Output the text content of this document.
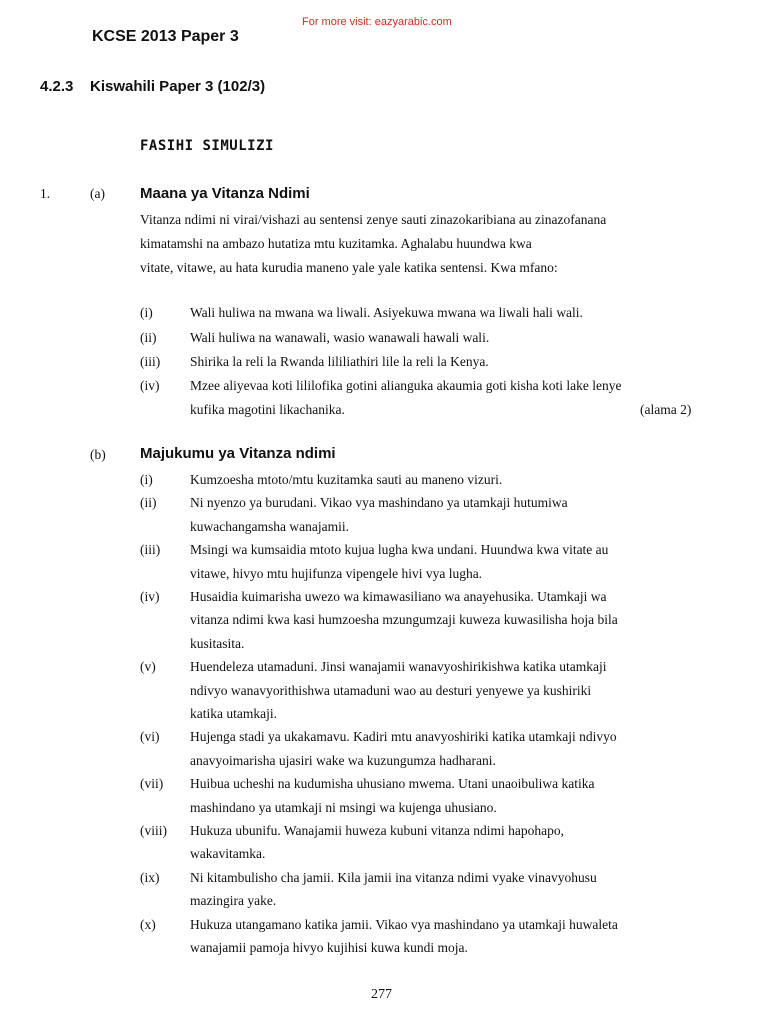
For more visit: eazyarabic.com
KCSE 2013 Paper 3
4.2.3 Kiswahili Paper 3 (102/3)
FASIHI SIMULIZI
1.	(a) Maana ya Vitanza Ndimi
Vitanza ndimi ni virai/vishazi au sentensi zenye sauti zinazokaribiana au zinazofanana
kimatamshi na ambazo hutatiza mtu kuzitamka. Aghalabu huundwa kwa
vitate, vitawe, au hata kurudia maneno yale yale katika sentensi. Kwa mfano:
(i)	Wali huliwa na mwana wa liwali. Asiyekuwa mwana wa liwali hali wali.
(ii) Wali huliwa na wanawali, wasio wanawali hawali wali.
(iii) Shirika la reli la Rwanda lililiathiri lile la reli la Kenya.
(iv) Mzee aliyevaa koti lililofika gotini alianguka akaumia goti kisha koti lake lenye
kufika magotini likachanika.	(alama 2)
(b) Majukumu ya Vitanza ndimi
(i)	Kumzoesha mtoto/mtu kuzitamka sauti au maneno vizuri.
(ii) Ni nyenzo ya burudani. Vikao vya mashindano ya utamkaji hutumiwa
kuwachangamsha wanajamii.
(iii) Msingi wa kumsaidia mtoto kujua lugha kwa undani. Huundwa kwa vitate au
vitawe, hivyo mtu hujifunza vipengele hivi vya lugha.
(iv) Husaidia kuimarisha uwezo wa kimawasiliano wa anayehusika. Utamkaji wa
vitanza ndimi kwa kasi humzoesha mzungumzaji kuweza kuwasilisha hoja bila
kusitasita.
(v)	Huendeleza utamaduni. Jinsi wanajamii wanavyoshirikishwa katika utamkaji
ndivyo wanavyorithishwa utamaduni wao au desturi yenyewe ya kushiriki
katika utamkaji.
(vi) Hujenga stadi ya ukakamavu. Kadiri mtu anavyoshiriki katika utamkaji ndivyo
anavyoimarisha ujasiri wake wa kuzungumza hadharani.
(vii) Huibua ucheshi na kudumisha uhusiano mwema. Utani unaoibuliwa katika
mashindano ya utamkaji ni msingi wa kujenga uhusiano.
(viii) Hukuza ubunifu. Wanajamii huweza kubuni vitanza ndimi hapohapo,
wakavitamka.
(ix) Ni kitambulisho cha jamii. Kila jamii ina vitanza ndimi vyake vinavyohusu
mazingira yake.
(x)	Hukuza utangamano katika jamii. Vikao vya mashindano ya utamkaji huwaleta
wanajamii pamoja hivyo kujihisi kuwa kundi moja.
277
